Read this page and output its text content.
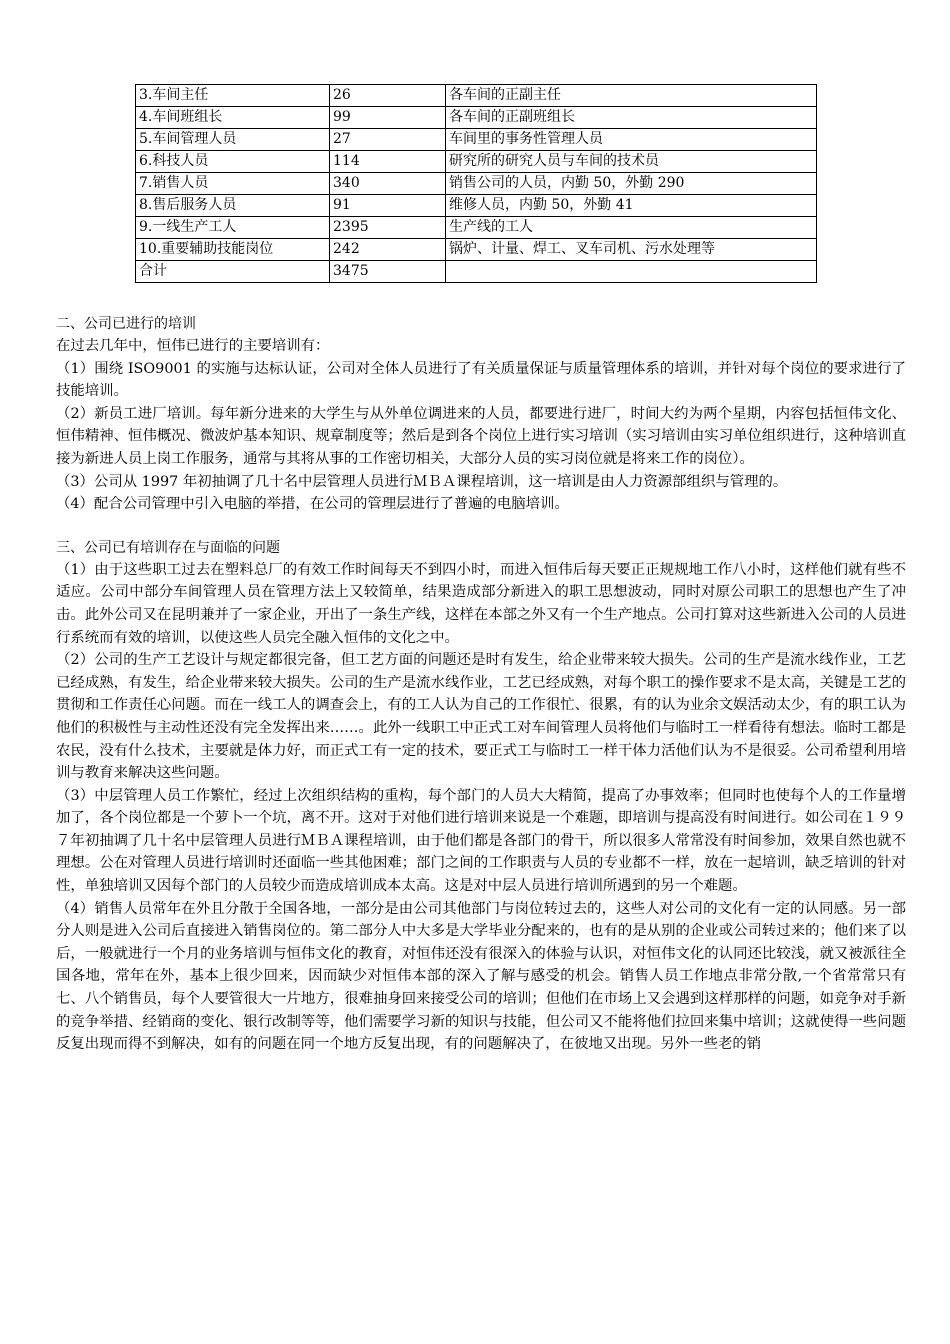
3.车间主任	26	各车间的正副主任
4.车间班组长	99	各车间的正副班组长
5.车间管理人员	27	车间里的事务性管理人员
6.科技人员	114	研究所的研究人员与车间的技术员
7.销售人员	340	销售公司的人员，内勤 50，外勤 290
8.售后服务人员	91	维修人员，内勤 50，外勤 41
9.一线生产工人	2395	生产线的工人
10.重要辅助技能岗位	242	锅炉、计量、焊工、叉车司机、污水处理等
合计	3475	
二、公司已进行的培训

在过去几年中，恒伟已进行的主要培训有：

（1）围绕 ISO9001 的实施与达标认证，公司对全体人员进行了有关质量保证与质量管理体系的培训，并针对每个岗位的要求进行了技能培训。

（2）新员工进厂培训。每年新分进来的大学生与从外单位调进来的人员，都要进行进厂，时间大约为两个星期，内容包括恒伟文化、恒伟精神、恒伟概况、微波炉基本知识、规章制度等；然后是到各个岗位上进行实习培训（实习培训由实习单位组织进行，这种培训直接为新进人员上岗工作服务，通常与其将从事的工作密切相关，大部分人员的实习岗位就是将来工作的岗位）。

（3）公司从 1997 年初抽调了几十名中层管理人员进行ＭＢＡ课程培训，这一培训是由人力资源部组织与管理的。

（4）配合公司管理中引入电脑的举措，在公司的管理层进行了普遍的电脑培训。

三、公司已有培训存在与面临的问题

（1）由于这些职工过去在塑料总厂的有效工作时间每天不到四小时，而进入恒伟后每天要正正规规地工作八小时，这样他们就有些不适应。公司中部分车间管理人员在管理方法上又较简单，结果造成部分新进入的职工思想波动，同时对原公司职工的思想也产生了冲击。此外公司又在昆明兼并了一家企业，开出了一条生产线，这样在本部之外又有一个生产地点。公司打算对这些新进入公司的人员进行系统而有效的培训，以使这些人员完全融入恒伟的文化之中。

（2）公司的生产工艺设计与规定都很完备，但工艺方面的问题还是时有发生，给企业带来较大损失。公司的生产是流水线作业，工艺已经成熟，有发生，给企业带来较大损失。公司的生产是流水线作业，工艺已经成熟，对每个职工的操作要求不是太高，关键是工艺的贯彻和工作责任心问题。而在一线工人的调查会上，有的工人认为自己的工作很忙、很累，有的认为业余文娱活动太少，有的职工认为他们的积极性与主动性还没有完全发挥出来……。此外一线职工中正式工对车间管理人员将他们与临时工一样看待有想法。临时工都是农民，没有什么技术，主要就是体力好，而正式工有一定的技术，要正式工与临时工一样干体力活他们认为不是很妥。公司希望利用培训与教育来解决这些问题。

（3）中层管理人员工作繁忙，经过上次组织结构的重构，每个部门的人员大大精简，提高了办事效率；但同时也使每个人的工作量增加了，各个岗位都是一个萝卜一个坑，离不开。这对于对他们进行培训来说是一个难题，即培训与提高没有时间进行。如公司在１９９７年初抽调了几十名中层管理人员进行ＭＢＡ课程培训，由于他们都是各部门的骨干，所以很多人常常没有时间参加，效果自然也就不理想。公在对管理人员进行培训时还面临一些其他困难；部门之间的工作职责与人员的专业都不一样，放在一起培训，缺乏培训的针对性，单独培训又因每个部门的人员较少而造成培训成本太高。这是对中层人员进行培训所遇到的另一个难题。

（4）销售人员常年在外且分散于全国各地，一部分是由公司其他部门与岗位转过去的，这些人对公司的文化有一定的认同感。另一部分人则是进入公司后直接进入销售岗位的。第二部分人中大多是大学毕业分配来的，也有的是从别的企业或公司转过来的；他们来了以后，一般就进行一个月的业务培训与恒伟文化的教育，对恒伟还没有很深入的体验与认识，对恒伟文化的认同还比较浅，就又被派往全国各地，常年在外，基本上很少回来，因而缺少对恒伟本部的深入了解与感受的机会。销售人员工作地点非常分散,一个省常常只有七、八个销售员，每个人要管很大一片地方，很难抽身回来接受公司的培训；但他们在市场上又会遇到这样那样的问题，如竞争对手新的竞争举措、经销商的变化、银行改制等等，他们需要学习新的知识与技能，但公司又不能将他们拉回来集中培训；这就使得一些问题反复出现而得不到解决，如有的问题在同一个地方反复出现，有的问题解决了，在彼地又出现。另外一些老的销
